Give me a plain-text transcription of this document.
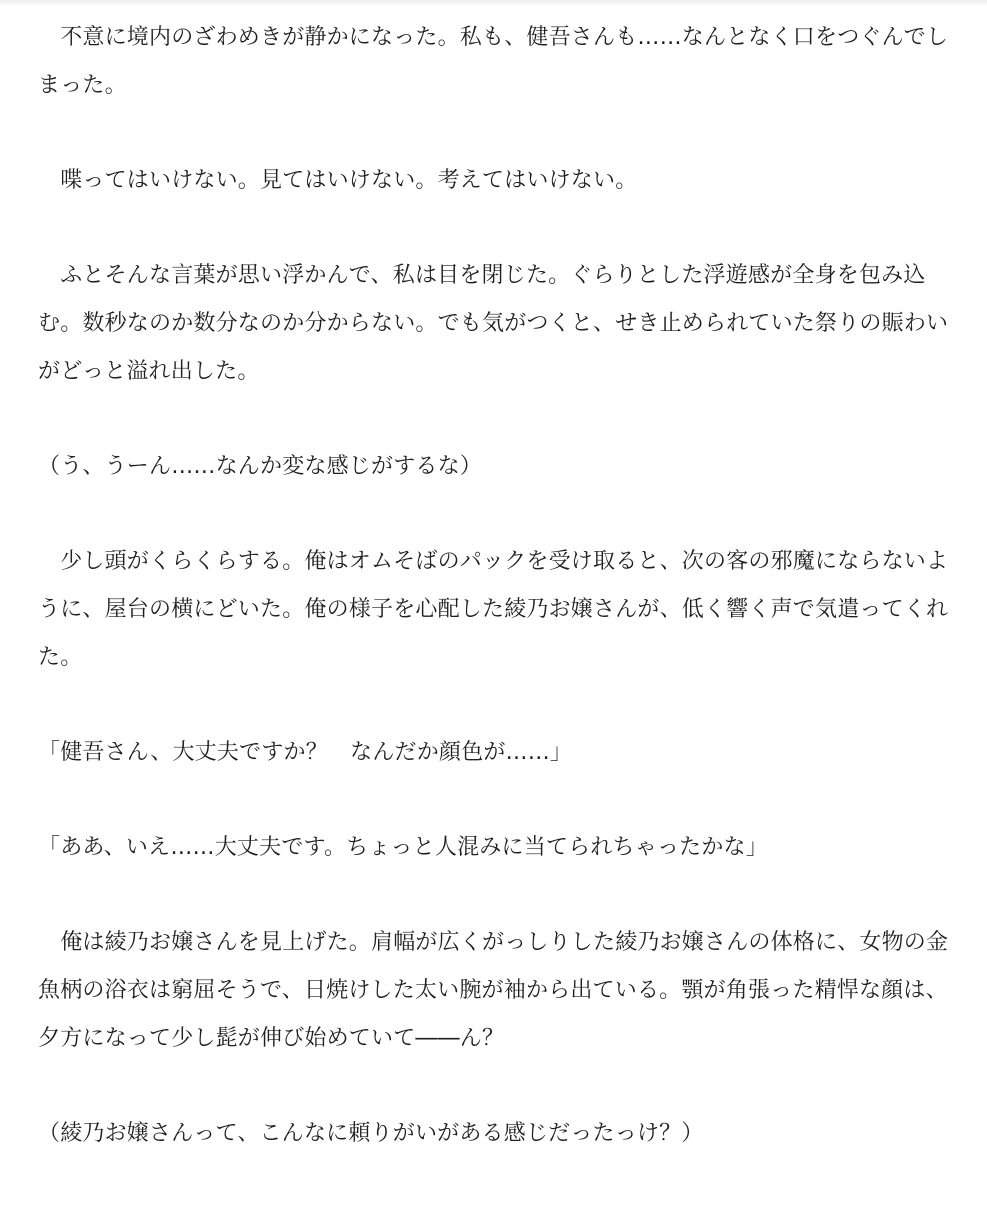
　不意に境内のざわめきが静かになった。私も、健吾さんも……なんとなく口をつぐんでしまった。

　喋ってはいけない。見てはいけない。考えてはいけない。

　ふとそんな言葉が思い浮かんで、私は目を閉じた。ぐらりとした浮遊感が全身を包み込む。数秒なのか数分なのか分からない。でも気がつくと、せき止められていた祭りの賑わいがどっと溢れ出した。

（う、うーん……なんか変な感じがするな）

　少し頭がくらくらする。俺はオムそばのパックを受け取ると、次の客の邪魔にならないように、屋台の横にどいた。俺の様子を心配した綾乃お嬢さんが、低く響く声で気遣ってくれた。

「健吾さん、大丈夫ですか？　なんだか顔色が……」

「ああ、いえ……大丈夫です。ちょっと人混みに当てられちゃったかな」

　俺は綾乃お嬢さんを見上げた。肩幅が広くがっしりした綾乃お嬢さんの体格に、女物の金魚柄の浴衣は窮屈そうで、日焼けした太い腕が袖から出ている。顎が角張った精悍な顔は、夕方になって少し髭が伸び始めていて――ん？

（綾乃お嬢さんって、こんなに頼りがいがある感じだったっけ？）
